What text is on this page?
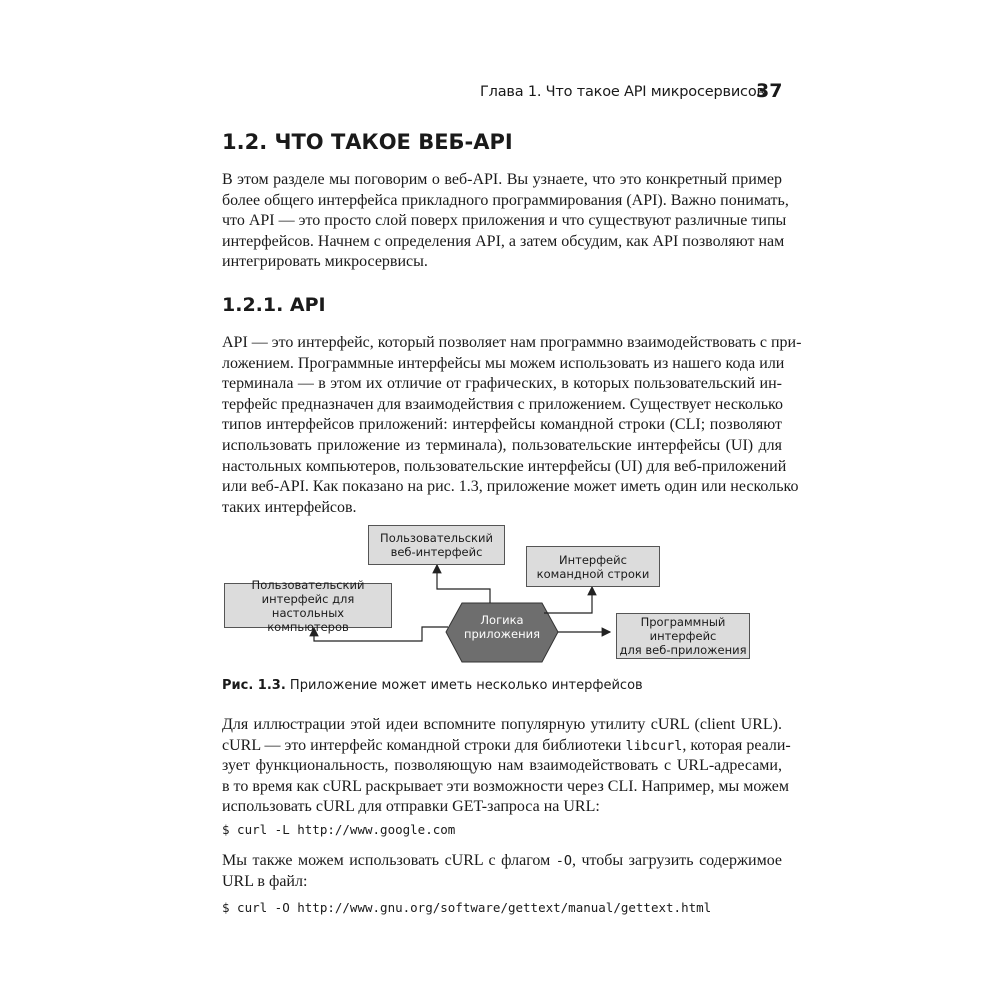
Глава 1. Что такое API микросервисов
37
1.2. ЧТО ТАКОЕ ВЕБ-API

В этом разделе мы поговорим о веб-API. Вы узнаете, что это конкретный пример
более общего интерфейса прикладного программирования (API). Важно понимать,
что API — это просто слой поверх приложения и что существуют различные типы
интерфейсов. Начнем с определения API, а затем обсудим, как API позволяют нам
интегрировать микросервисы.

1.2.1. API

API — это интерфейс, который позволяет нам программно взаимодействовать с при-
ложением. Программные интерфейсы мы можем использовать из нашего кода или
терминала — в этом их отличие от графических, в которых пользовательский ин-
терфейс предназначен для взаимодействия с приложением. Существует несколько
типов интерфейсов приложений: интерфейсы командной строки (CLI; позволяют
использовать приложение из терминала), пользовательские интерфейсы (UI) для
настольных компьютеров, пользовательские интерфейсы (UI) для веб-приложений
или веб-API. Как показано на рис. 1.3, приложение может иметь один или несколько
таких интерфейсов.

Пользовательский
веб-интерфейс
Интерфейс
командной строки
Пользовательский
интерфейс для настольных
компьютеров	Логика
приложения
Программный
интерфейс
для веб-приложения
Рис. 1.3. Приложение может иметь несколько интерфейсов

Для иллюстрации этой идеи вспомните популярную утилиту cURL (client URL).
cURL — это интерфейс командной строки для библиотеки libcurl, которая реали-
зует функциональность, позволяющую нам взаимодействовать с URL-адресами,
в то время как cURL раскрывает эти возможности через CLI. Например, мы можем
использовать cURL для отправки GET-запроса на URL:

$ curl -L http://www.google.com

Мы также можем использовать cURL с флагом -O, чтобы загрузить содержимое
URL в файл:

$ curl -O http://www.gnu.org/software/gettext/manual/gettext.html
